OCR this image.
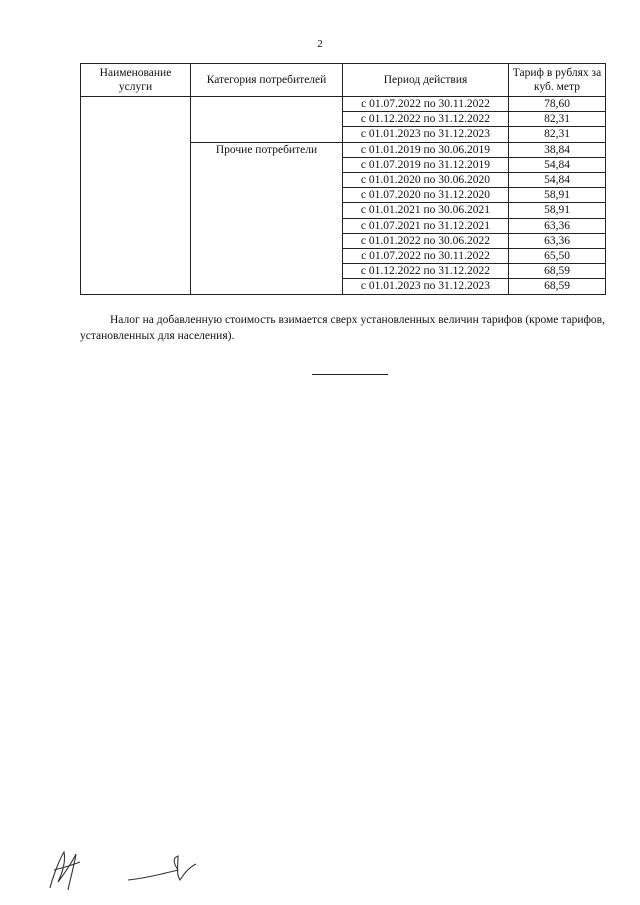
2
Наименование услуги	Категория потребителей	Период действия	Тариф в рублях за куб. метр
		с 01.07.2022 по 30.11.2022	78,60
		с 01.12.2022 по 31.12.2022	82,31
		с 01.01.2023 по 31.12.2023	82,31
	Прочие потребители	с 01.01.2019 по 30.06.2019	38,84
		с 01.07.2019 по 31.12.2019	54,84
		с 01.01.2020 по 30.06.2020	54,84
		с 01.07.2020 по 31.12.2020	58,91
		с 01.01.2021 по 30.06.2021	58,91
		с 01.07.2021 по 31.12.2021	63,36
		с 01.01.2022 по 30.06.2022	63,36
		с 01.07.2022 по 30.11.2022	65,50
		с 01.12.2022 по 31.12.2022	68,59
		с 01.01.2023 по 31.12.2023	68,59

Налог на добавленную стоимость взимается сверх установленных величин тарифов (кроме тарифов, установленных для населения).
